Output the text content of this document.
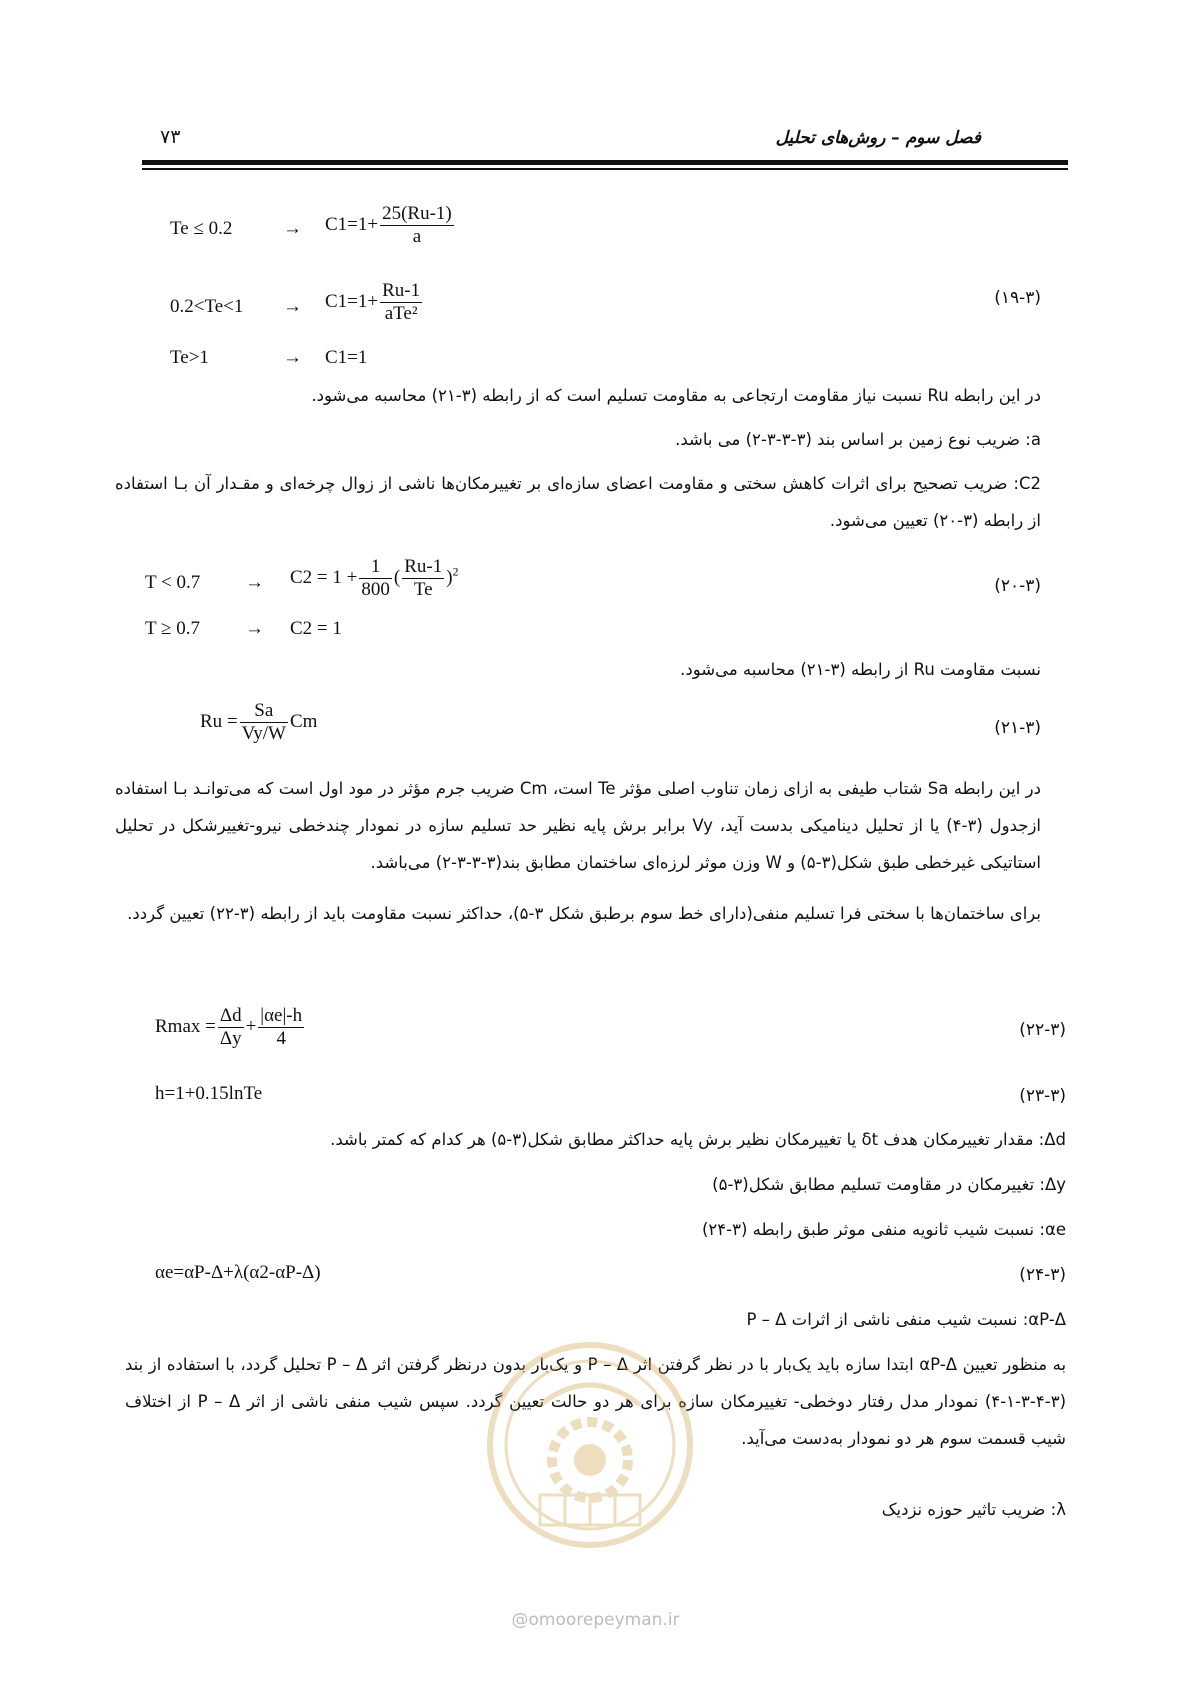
فصل سوم – روش‌های تحلیل
۷۳
Te ≤ 0.2	→ $C1=1+ \frac{25(Ru-1)}{a}$
$0.2<Te<1 \to C1=1+ \frac{Ru-1}{\text{aTe²}}$	(۱۹-۳)
Te>1	→ C1=1
در این رابطه Ru نسبت نیاز مقاومت ارتجاعی به مقاومت تسلیم است که از رابطه (۳-۲۱) محاسبه می‌شود.
a: ضریب نوع زمین بر اساس بند (۳-۳-۳-۲) می باشد.
C2: ضریب تصحیح برای اثرات کاهش سختی و مقاومت اعضای سازه‌ای بر تغییرمکان‌ها ناشی از زوال چرخه‌ای و مقـدار آن بـا استفاده از رابطه (۳-۲۰) تعیین می‌شود.
$T < 0.7 \to C2 = 1 + \frac{1}{800}$ ( $\frac{Ru-1}{Te} )^2$
(۲۰-۳)
T ≥ 0.7 → C2 = 1
نسبت مقاومت Ru از رابطه (۳-۲۱) محاسبه می‌شود.
$Ru = \frac{Sa}{Vy/W}$ Cm	(۲۱-۳)
در این رابطه Sa شتاب طیفی به ازای زمان تناوب اصلی مؤثر Te است، Cm ضریب جرم مؤثر در مود اول است که می‌توانـد بـا استفاده ازجدول (۳-۴) یا از تحلیل دینامیکی بدست آید، Vy برابر برش پایه نظیر حد تسلیم سازه در نمودار چندخطی نیرو-تغییرشکل در تحلیل استاتیکی غیرخطی طبق شکل(۳-۵) و W وزن موثر لرزه‌ای ساختمان مطابق بند(۳-۳-۳-۲) می‌باشد.
برای ساختمان‌ها با سختی فرا تسلیم منفی(دارای خط سوم برطبق شکل ۳-۵)، حداکثر نسبت مقاومت باید از رابطه (۳-۲۲) تعیین گردد.
$Rmax = \frac{\Delta d}{\Delta y} + \frac{|\alpha e|-h}{4}$	(۲۲-۳)
h=1+0.15lnTe	(۲۳-۳)
Δd: مقدار تغییرمکان هدف δt یا تغییرمکان نظیر برش پایه حداکثر مطابق شکل(۳-۵) هر کدام که کمتر باشد.
Δy: تغییرمکان در مقاومت تسلیم مطابق شکل(۳-۵)
αe: نسبت شیب ثانویه منفی موثر طبق رابطه (۳-۲۴)
αe=αP-Δ+λ(α2-αP-Δ)	(۲۴-۳)
αP-Δ: نسبت شیب منفی ناشی از اثرات P – Δ
به منظور تعیین αP-Δ ابتدا سازه باید یک‌بار با در نظر گرفتن اثر P – Δ و یک‌بار بدون درنظر گرفتن اثر P – Δ تحلیل گردد، با استفاده از بند (۳-۴-۳-۱-۴) نمودار مدل رفتار دوخطی- تغییرمکان سازه برای هر دو حالت تعیین گردد. سپس شیب منفی ناشی از اثر P – Δ از اختلاف شیب قسمت سوم هر دو نمودار به‌دست می‌آید.
λ: ضریب تاثیر حوزه نزدیک
@omoorepeyman.ir
